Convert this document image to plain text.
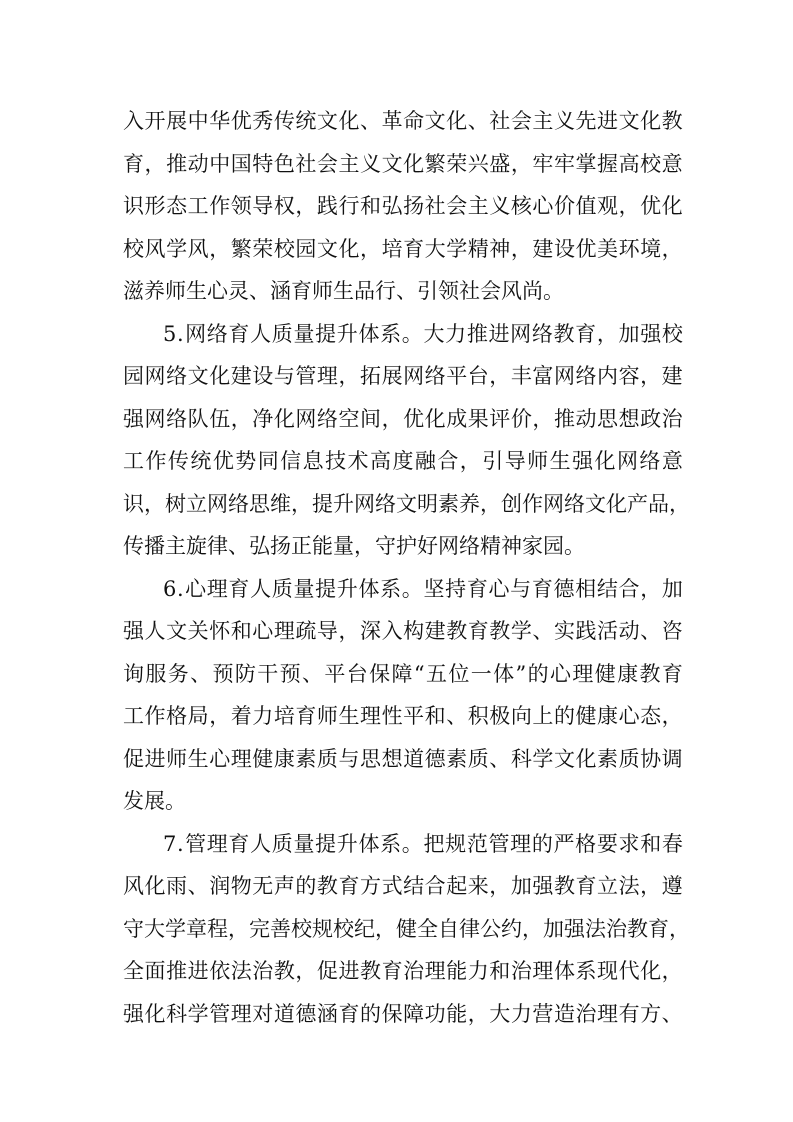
入 开 展 中 华 优 秀 传 统 文 化 、 革 命 文 化 、 社 会 主 义 先 进 文 化 教
育 ， 推 动 中 国 特 色 社 会 主 义 文 化 繁 荣 兴 盛 ， 牢 牢 掌 握 高 校 意
识 形 态 工 作 领 导 权 ， 践 行 和 弘 扬 社 会 主 义 核 心 价 值 观 ， 优 化
校 风 学 风 ， 繁 荣 校 园 文 化 ， 培 育 大 学 精 神 ， 建 设 优 美 环 境 ，
滋养师生心灵、涵育师生品行、引领社会风尚。
5 . 网 络 育 人 质 量 提 升 体 系 。 大 力 推 进 网 络 教 育 ， 加 强 校
园 网 络 文 化 建 设 与 管 理 ， 拓 展 网 络 平 台 ， 丰 富 网 络 内 容 ， 建
强 网 络 队 伍 ， 净 化 网 络 空 间 ， 优 化 成 果 评 价 ， 推 动 思 想 政 治
工 作 传 统 优 势 同 信 息 技 术 高 度 融 合 ， 引 导 师 生 强 化 网 络 意
识 ， 树 立 网 络 思 维 ， 提 升 网 络 文 明 素 养 ， 创 作 网 络 文 化 产 品 ，
传播主旋律、弘扬正能量，守护好网络精神家园。
6 . 心 理 育 人 质 量 提 升 体 系 。 坚 持 育 心 与 育 德 相 结 合 ， 加
强 人 文 关 怀 和 心 理 疏 导 ， 深 入 构 建 教 育 教 学 、 实 践 活 动 、 咨
询 服 务 、 预 防 干 预 、 平 台 保 障 “ 五 位 一 体 ” 的 心 理 健 康 教 育
工 作 格 局 ， 着 力 培 育 师 生 理 性 平 和 、 积 极 向 上 的 健 康 心 态 ，
促 进 师 生 心 理 健 康 素 质 与 思 想 道 德 素 质 、 科 学 文 化 素 质 协 调
发展。
7 . 管 理 育 人 质 量 提 升 体 系 。 把 规 范 管 理 的 严 格 要 求 和 春
风 化 雨 、 润 物 无 声 的 教 育 方 式 结 合 起 来 ， 加 强 教 育 立 法 ， 遵
守 大 学 章 程 ， 完 善 校 规 校 纪 ， 健 全 自 律 公 约 ， 加 强 法 治 教 育 ，
全 面 推 进 依 法 治 教 ， 促 进 教 育 治 理 能 力 和 治 理 体 系 现 代 化 ，
强 化 科 学 管 理 对 道 德 涵 育 的 保 障 功 能 ， 大 力 营 造 治 理 有 方 、
